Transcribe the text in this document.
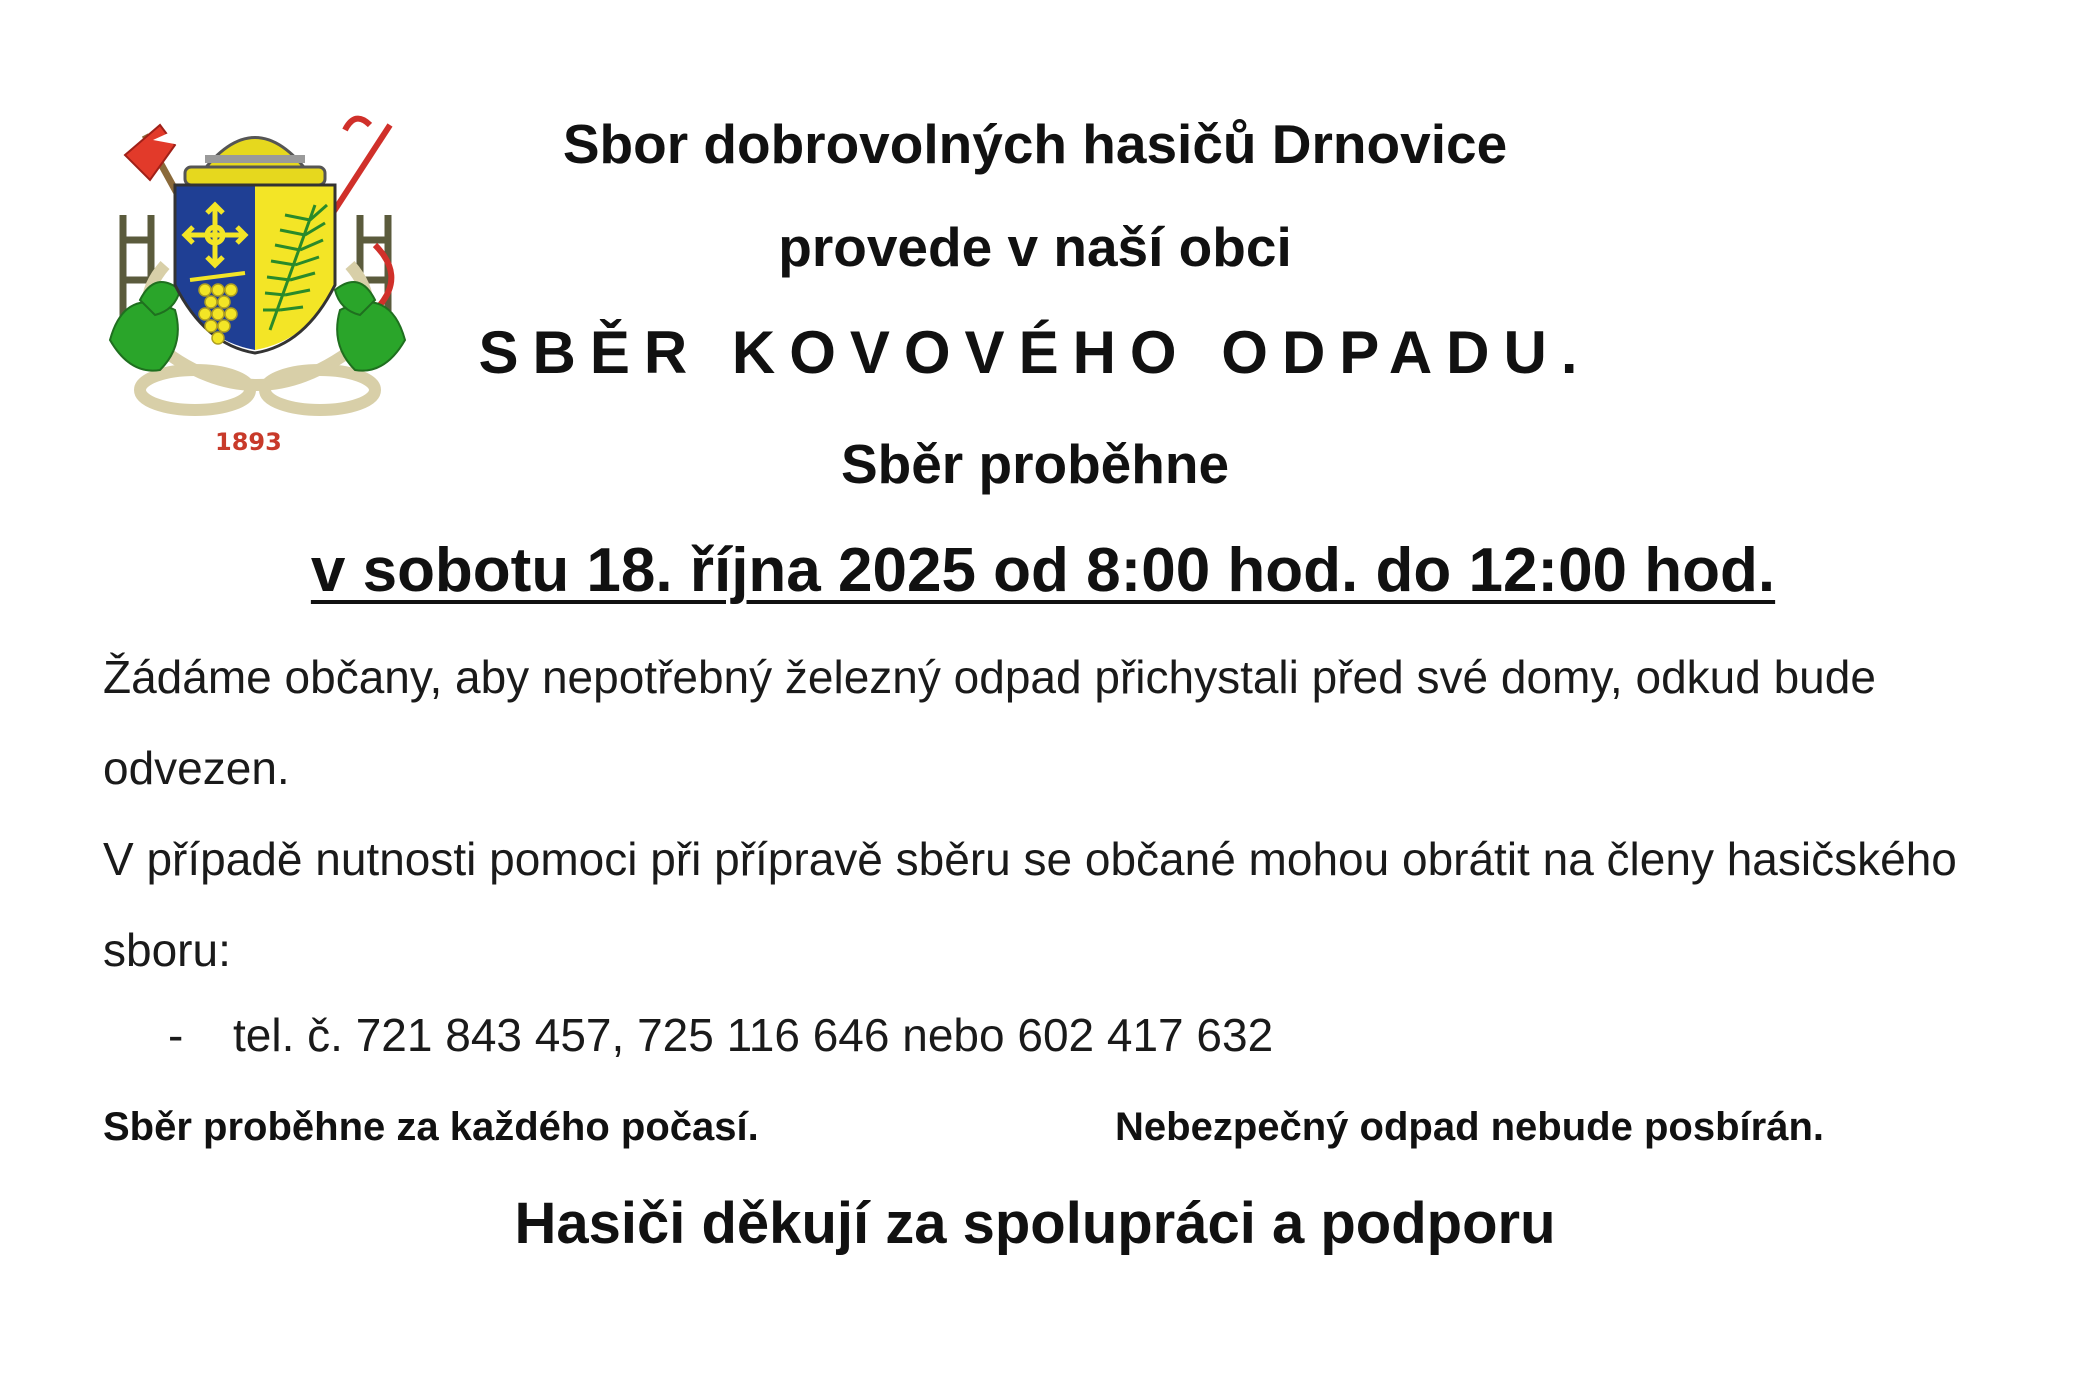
1893
Sbor dobrovolných hasičů Drnovice
provede v naší obci
SBĚR KOVOVÉHO ODPADU.
Sběr proběhne
v sobotu 18. října 2025 od 8:00 hod. do 12:00 hod.
Žádáme občany, aby nepotřebný železný odpad přichystali před své domy, odkud bude odvezen.
V případě nutnosti pomoci při přípravě sběru se občané mohou obrátit na členy hasičského sboru:
- tel. č. 721 843 457, 725 116 646 nebo 602 417 632
Sběr proběhne za každého počasí.	Nebezpečný odpad nebude posbírán.
Hasiči děkují za spolupráci a podporu
